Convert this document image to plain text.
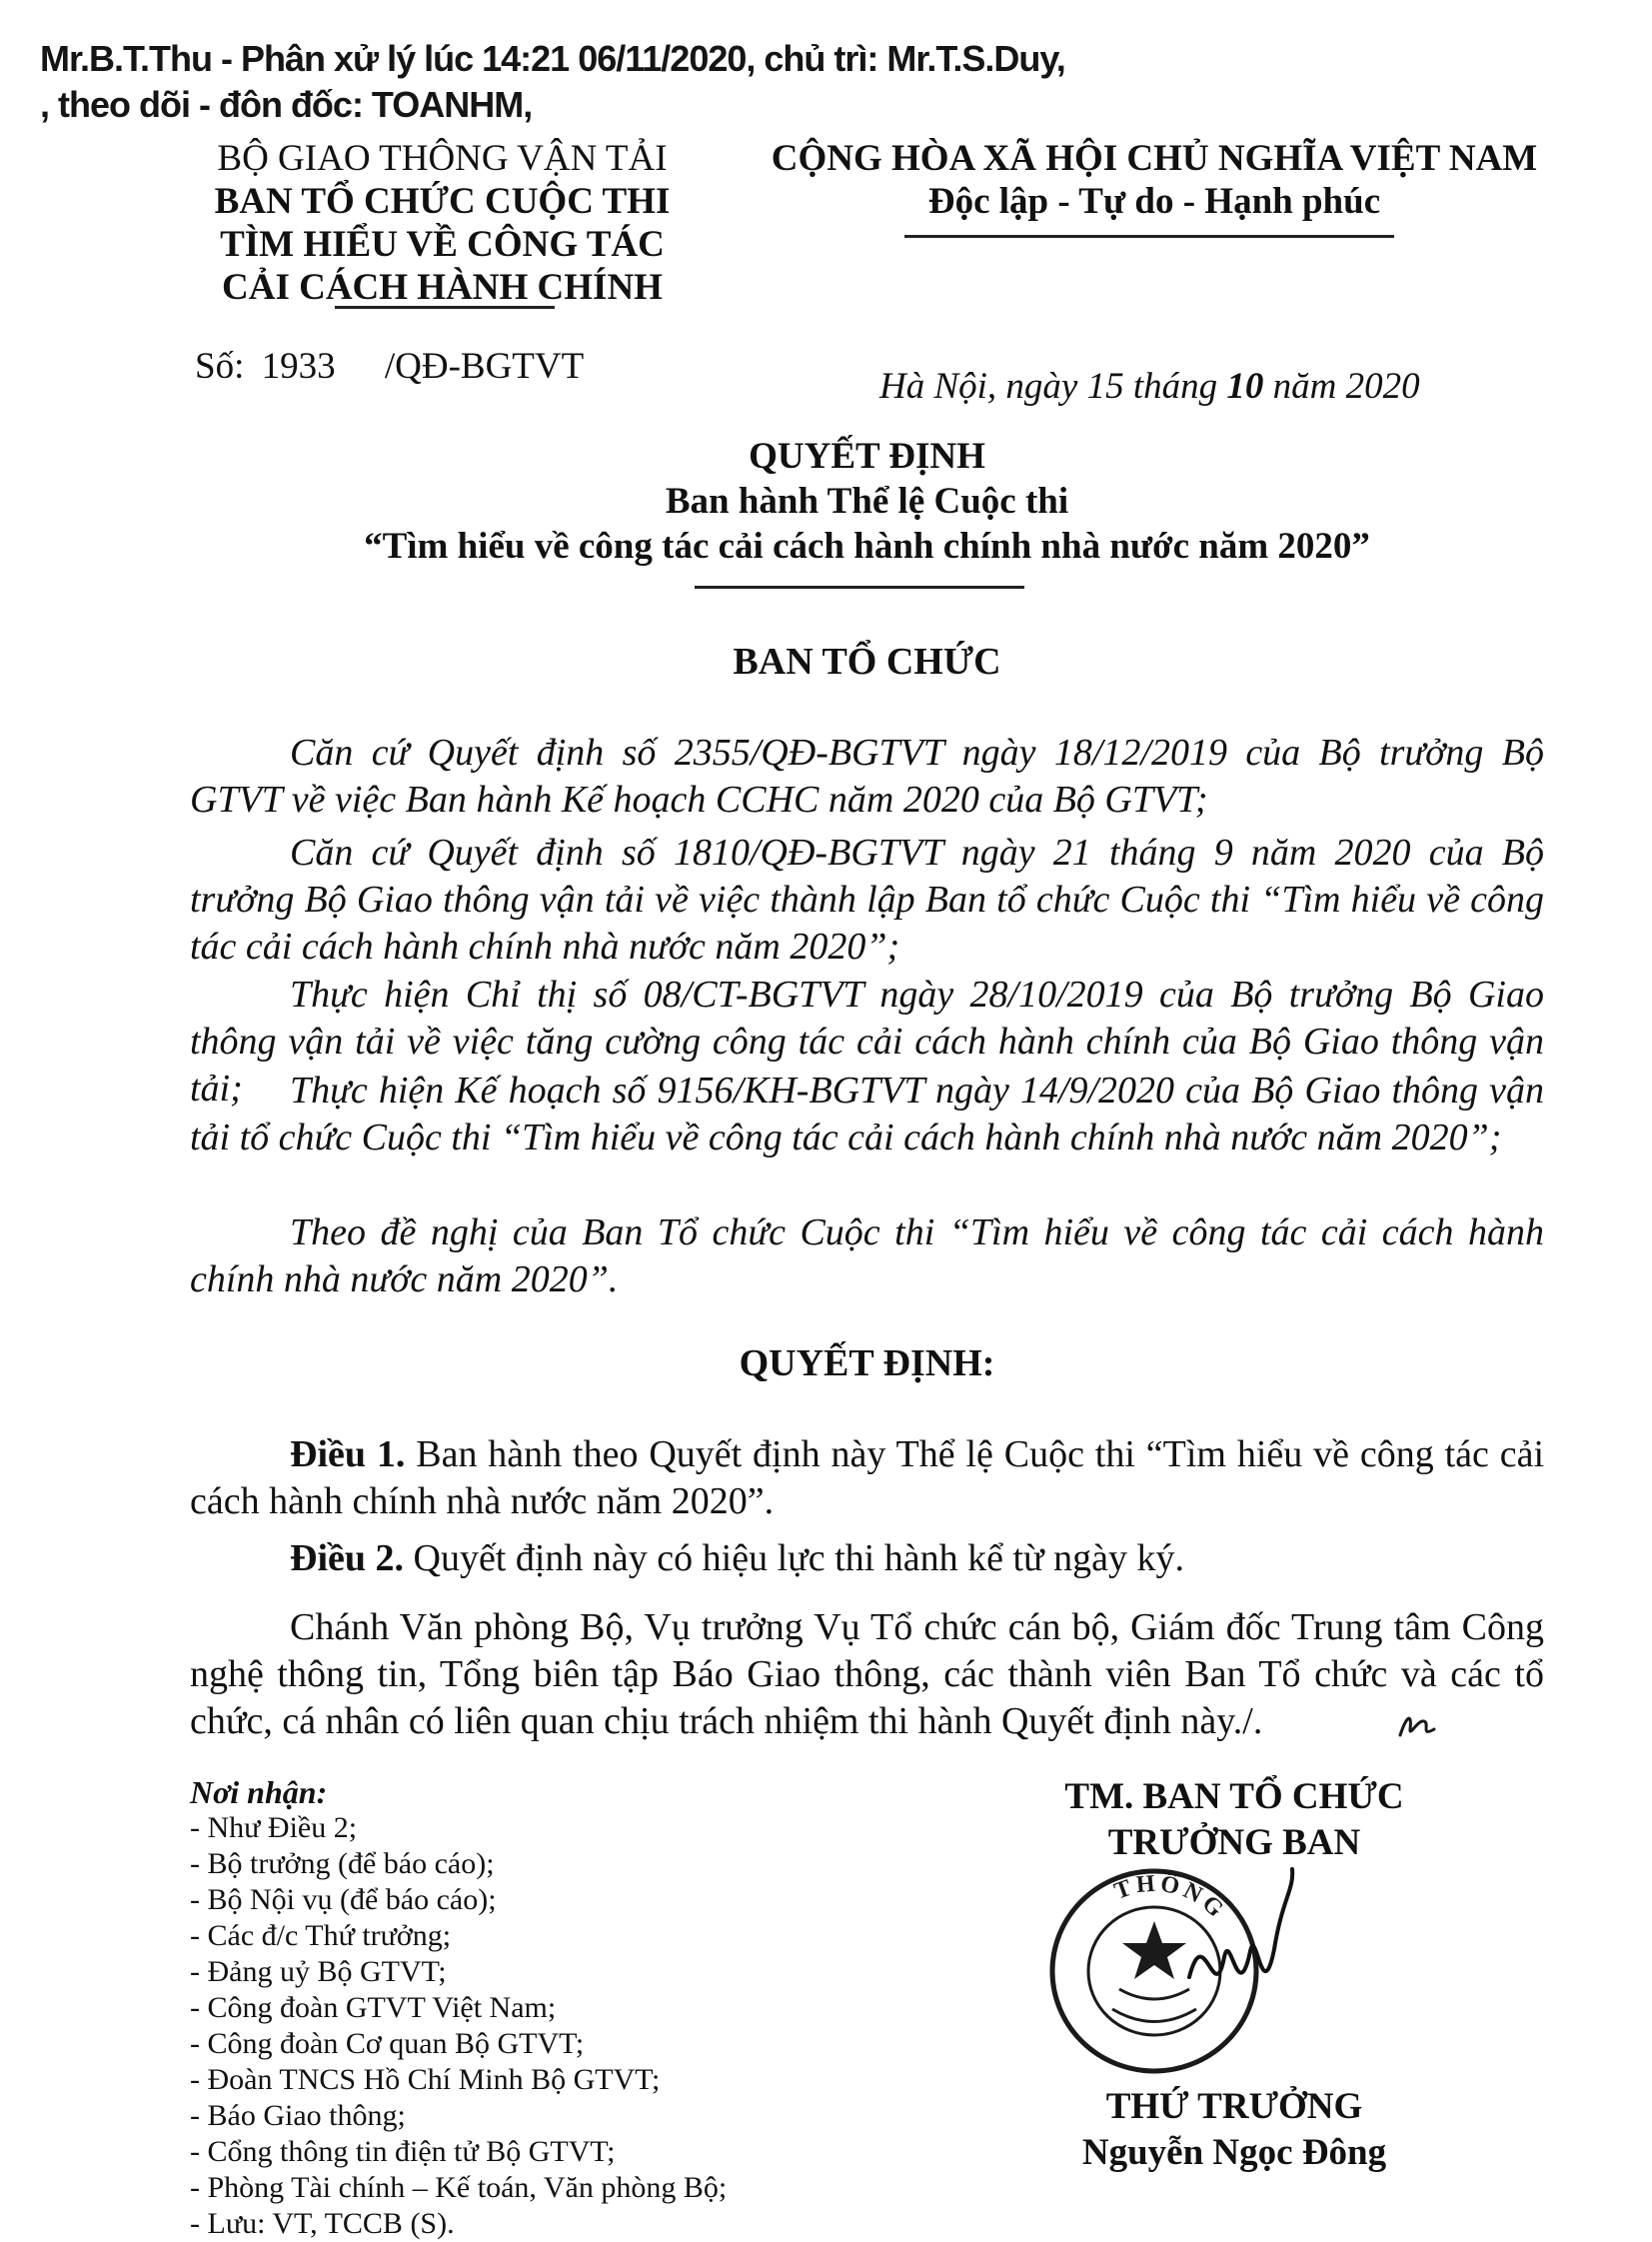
Mr.B.T.Thu - Phân xử lý lúc 14:21 06/11/2020, chủ trì: Mr.T.S.Duy,
, theo dõi - đôn đốc: TOANHM,
BỘ GIAO THÔNG VẬN TẢI
BAN TỔ CHỨC CUỘC THI
TÌM HIỂU VỀ CÔNG TÁC
CẢI CÁCH HÀNH CHÍNH
Số: 1933 /QĐ-BGTVT
CỘNG HÒA XÃ HỘI CHỦ NGHĨA VIỆT NAM
Độc lập - Tự do - Hạnh phúc
Hà Nội, ngày 15 tháng 10 năm 2020
QUYẾT ĐỊNH
Ban hành Thể lệ Cuộc thi
“Tìm hiểu về công tác cải cách hành chính nhà nước năm 2020”
BAN TỔ CHỨC
Căn cứ Quyết định số 2355/QĐ-BGTVT ngày 18/12/2019 của Bộ trưởng Bộ GTVT về việc Ban hành Kế hoạch CCHC năm 2020 của Bộ GTVT;
Căn cứ Quyết định số 1810/QĐ-BGTVT ngày 21 tháng 9 năm 2020 của Bộ trưởng Bộ Giao thông vận tải về việc thành lập Ban tổ chức Cuộc thi “Tìm hiểu về công tác cải cách hành chính nhà nước năm 2020”;
Thực hiện Chỉ thị số 08/CT-BGTVT ngày 28/10/2019 của Bộ trưởng Bộ Giao thông vận tải về việc tăng cường công tác cải cách hành chính của Bộ Giao thông vận tải;	Thực hiện Kế hoạch số 9156/KH-BGTVT ngày 14/9/2020 của Bộ Giao thông vận tải tổ chức Cuộc thi “Tìm hiểu về công tác cải cách hành chính nhà nước năm 2020”;
Theo đề nghị của Ban Tổ chức Cuộc thi “Tìm hiểu về công tác cải cách hành chính nhà nước năm 2020”.
QUYẾT ĐỊNH:
Điều 1. Ban hành theo Quyết định này Thể lệ Cuộc thi “Tìm hiểu về công tác cải cách hành chính nhà nước năm 2020”.
Điều 2. Quyết định này có hiệu lực thi hành kể từ ngày ký.
Chánh Văn phòng Bộ, Vụ trưởng Vụ Tổ chức cán bộ, Giám đốc Trung tâm Công nghệ thông tin, Tổng biên tập Báo Giao thông, các thành viên Ban Tổ chức và các tổ chức, cá nhân có liên quan chịu trách nhiệm thi hành Quyết định này./.
Nơi nhận:
- Như Điều 2;
- Bộ trưởng (để báo cáo);
- Bộ Nội vụ (để báo cáo);
- Các đ/c Thứ trưởng;
- Đảng uỷ Bộ GTVT;
- Công đoàn GTVT Việt Nam;
- Công đoàn Cơ quan Bộ GTVT;
- Đoàn TNCS Hồ Chí Minh Bộ GTVT;
- Báo Giao thông;
- Cổng thông tin điện tử Bộ GTVT;
- Phòng Tài chính – Kế toán, Văn phòng Bộ;
- Lưu: VT, TCCB (S).
TM. BAN TỔ CHỨC
TRƯỞNG BAN
THÔNG
THỨ TRƯỞNG
Nguyễn Ngọc Đông
